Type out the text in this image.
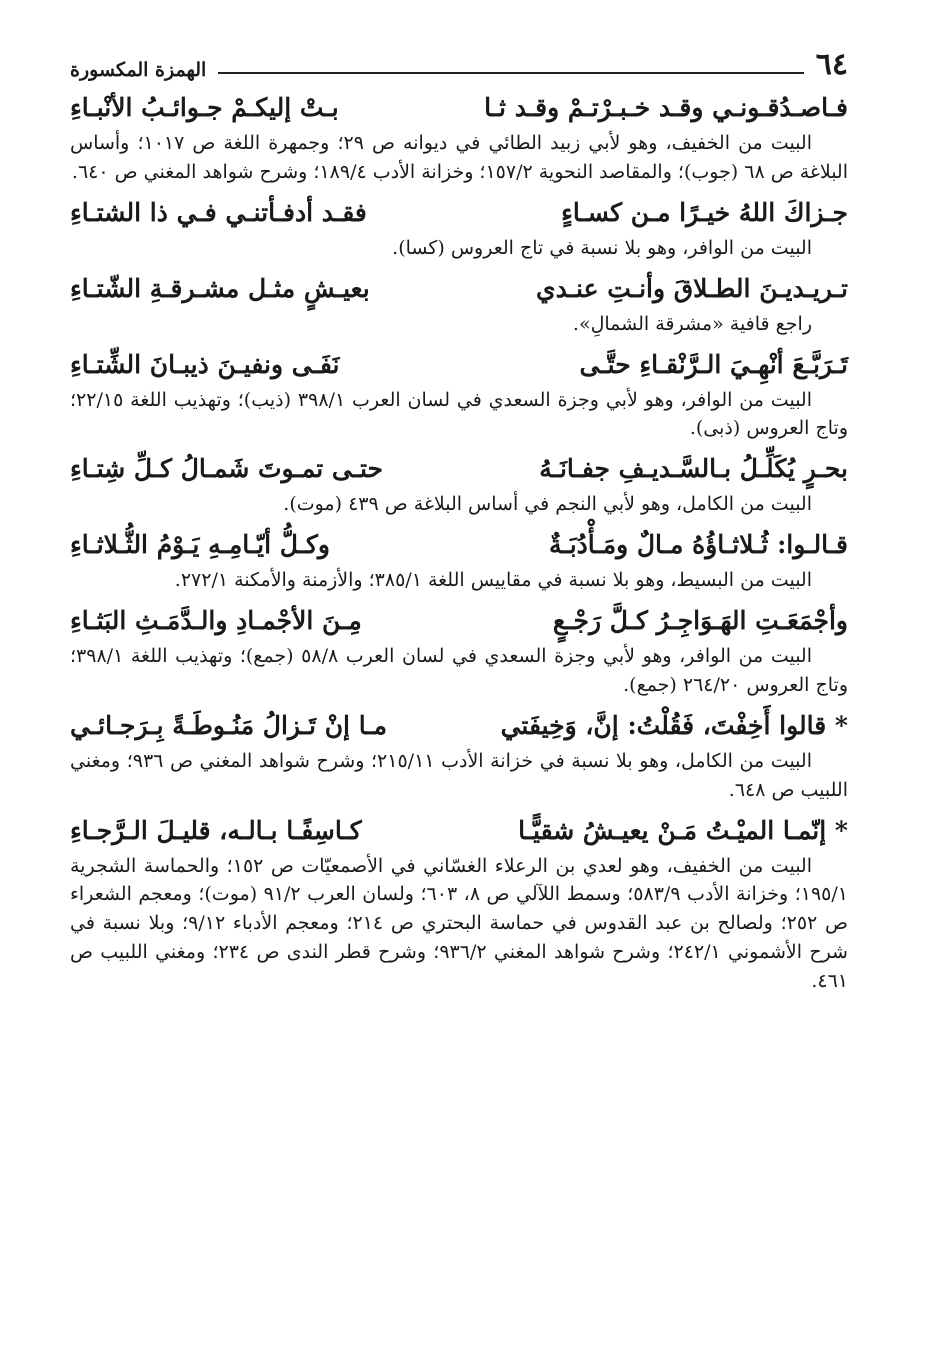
٦٤
الهمزة المكسورة
فـاصـدُقـونـي وقـد خـبـرْتـمْ وقـد ثـا
بـتْ إليكـمْ جـوائـبُ الأنْبـاءِ

البيت من الخفيف، وهو لأبي زبيد الطائي في ديوانه ص ٢٩؛ وجمهرة اللغة ص ١٠١٧؛ وأساس البلاغة ص ٦٨ (جوب)؛ والمقاصد النحوية ١٥٧/٢؛ وخزانة الأدب ١٨٩/٤؛ وشرح شواهد المغني ص ٦٤٠.

جـزاكَ اللهُ خيـرًا مـن كسـاءٍ
فقـد أدفـأتنـي فـي ذا الشتـاءِ

البيت من الوافر، وهو بلا نسبة في تاج العروس (كسا).

تـريـديـنَ الطـلاقَ وأنـتِ عنـدي
بعيـشٍ مثـل مشـرقـةِ الشّتـاءِ

راجع قافية «مشرقة الشمالِ».

تَـرَبَّـعَ أنْهِـيَ الـرَّنْقـاءِ حتَّـى
نَفَـى ونفيـنَ ذيبـانَ الشِّتـاءِ

البيت من الوافر، وهو لأبي وجزة السعدي في لسان العرب ٣٩٨/١ (ذيب)؛ وتهذيب اللغة ٢٢/١٥؛ وتاج العروس (ذبى).

بحـرٍ يُكَلِّـلُ بـالسَّـديـفِ جفـانَـهُ
حتـى تمـوتَ شَمـالُ كـلِّ شِتـاءِ

البيت من الكامل، وهو لأبي النجم في أساس البلاغة ص ٤٣٩ (موت).

قـالـوا: ثُـلاثـاؤُهُ مـالٌ ومَـأْدُبَـةٌ
وكـلُّ أيّـامِـهِ يَـوْمُ الثُّـلاثـاءِ

البيت من البسيط، وهو بلا نسبة في مقاييس اللغة ٣٨٥/١؛ والأزمنة والأمكنة ٢٧٢/١.

وأجْمَعَـتِ الهَـوَاجِـرُ كـلَّ رَجْـعٍ
مِـنَ الأجْمـادِ والـدَّمَـثِ البَثـاءِ

البيت من الوافر، وهو لأبي وجزة السعدي في لسان العرب ٥٨/٨ (جمع)؛ وتهذيب اللغة ٣٩٨/١؛ وتاج العروس ٢٦٤/٢٠ (جمع).

* قالوا أَخِفْتَ، فَقُلْتُ: إنَّ، وَخِيفَتي
مـا إنْ تَـزالُ مَنُـوطَـةً بِـرَجـائـي

البيت من الكامل، وهو بلا نسبة في خزانة الأدب ٢١٥/١١؛ وشرح شواهد المغني ص ٩٣٦؛ ومغني اللبيب ص ٦٤٨.

* إنّمـا الميْـتُ مَـنْ يعيـشُ شقيًّـا
كـاسِفًـا بـالـه، قليـلَ الـرَّجـاءِ

البيت من الخفيف، وهو لعدي بن الرعلاء الغسّاني في الأصمعيّات ص ١٥٢؛ والحماسة الشجرية ١٩٥/١؛ وخزانة الأدب ٥٨٣/٩؛ وسمط اللآلي ص ٨، ٦٠٣؛ ولسان العرب ٩١/٢ (موت)؛ ومعجم الشعراء ص ٢٥٢؛ ولصالح بن عبد القدوس في حماسة البحتري ص ٢١٤؛ ومعجم الأدباء ٩/١٢؛ وبلا نسبة في شرح الأشموني ٢٤٢/١؛ وشرح شواهد المغني ٩٣٦/٢؛ وشرح قطر الندى ص ٢٣٤؛ ومغني اللبيب ص ٤٦١.
